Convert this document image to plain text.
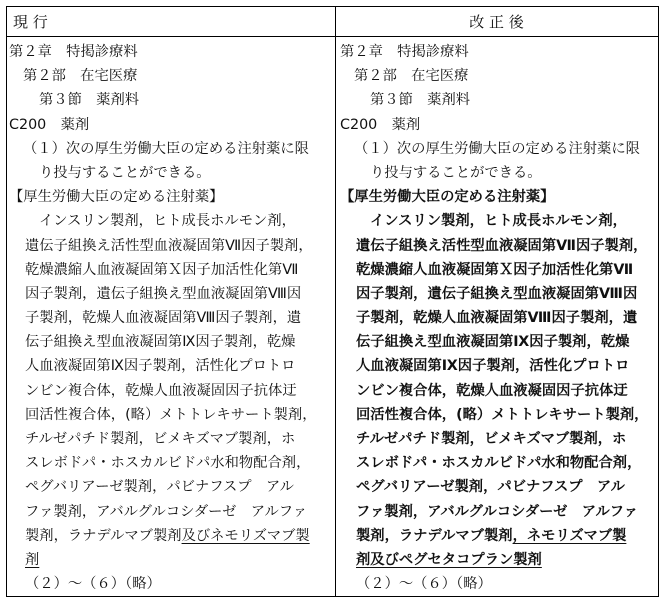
現 行	改 正 後
第２章　特掲診療料
第２部　在宅医療
第３節　薬剤料
C200　薬剤
（１）次の厚生労働大臣の定める注射薬に限
り投与することができる。
【厚生労働大臣の定める注射薬】
インスリン製剤，ヒト成長ホルモン剤，
遺伝子組換え活性型血液凝固第Ⅶ因子製剤，
乾燥濃縮人血液凝固第Ｘ因子加活性化第Ⅶ
因子製剤，遺伝子組換え型血液凝固第Ⅷ因
子製剤，乾燥人血液凝固第Ⅷ因子製剤，遺
伝子組換え型血液凝固第Ⅸ因子製剤，乾燥
人血液凝固第Ⅸ因子製剤，活性化プロトロ
ンビン複合体，乾燥人血液凝固因子抗体迂
回活性複合体，(略）メトトレキサート製剤，
チルゼパチド製剤，ビメキズマブ製剤，ホ
スレボドパ・ホスカルビドパ水和物配合剤，
ペグバリアーゼ製剤，パビナフスプ　アル
ファ製剤，アバルグルコシダーゼ　アルファ
製剤，ラナデルマブ製剤及びネモリズマブ製
剤
（２）～（６）（略）
第２章　特掲診療料
第２部　在宅医療
第３節　薬剤料
C200　薬剤
（１）次の厚生労働大臣の定める注射薬に限
り投与することができる。
【厚生労働大臣の定める注射薬】
インスリン製剤，ヒト成長ホルモン剤，
遺伝子組換え活性型血液凝固第Ⅶ因子製剤，
乾燥濃縮人血液凝固第Ｘ因子加活性化第Ⅶ
因子製剤，遺伝子組換え型血液凝固第Ⅷ因
子製剤，乾燥人血液凝固第Ⅷ因子製剤，遺
伝子組換え型血液凝固第Ⅸ因子製剤，乾燥
人血液凝固第Ⅸ因子製剤，活性化プロトロ
ンビン複合体，乾燥人血液凝固因子抗体迂
回活性複合体，(略）メトトレキサート製剤，
チルゼパチド製剤，ビメキズマブ製剤，ホ
スレボドパ・ホスカルビドパ水和物配合剤，
ペグバリアーゼ製剤，パビナフスプ　アル
ファ製剤，アバルグルコシダーゼ　アルファ
製剤，ラナデルマブ製剤，ネモリズマブ製
剤及びペグセタコプラン製剤
（２）～（６）（略）
